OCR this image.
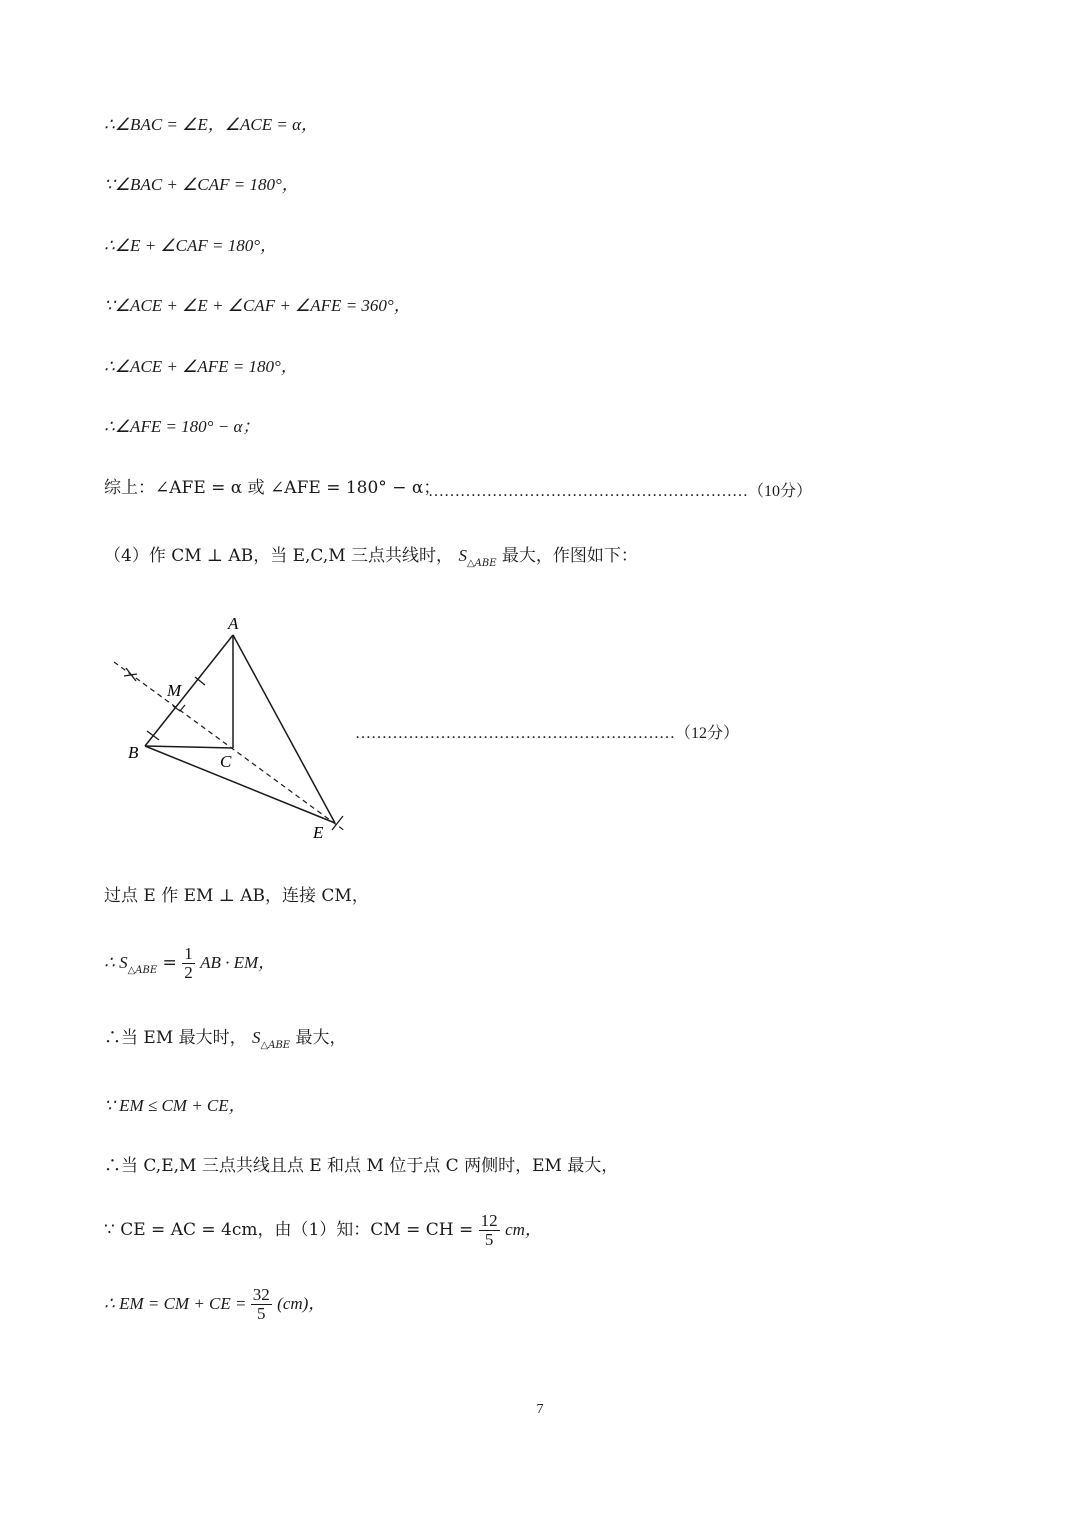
∴∠BAC = ∠E，∠ACE = α，
∵∠BAC + ∠CAF = 180°，
∴∠E + ∠CAF = 180°，
∵∠ACE + ∠E + ∠CAF + ∠AFE = 360°，
∴∠ACE + ∠AFE = 180°，
∴∠AFE = 180° − α；
综上：∠AFE = α 或 ∠AFE = 180° − α；
……………………………………………………（10分）
（4）作 CM ⊥ AB，当 E,C,M 三点共线时， $S_{\triangle ABE}$ 最大，作图如下：
A
M
B	C
E
……………………………………………………（12分）
过点 E 作 EM ⊥ AB，连接 CM，
∴ $S_{\triangle ABE} = \frac{1}{2}$ AB · EM，
∴当 EM 最大时， $S_{\triangle ABE}$ 最大，
∵ EM ≤ CM + CE，
∴当 C,E,M 三点共线且点 E 和点 M 位于点 C 两侧时，EM 最大，
∵ CE = AC = 4cm，由（1）知：CM = CH = $\frac{12}{5}$ cm，
∴ EM = CM + CE = $\frac{32}{5} (cm)$，
7
